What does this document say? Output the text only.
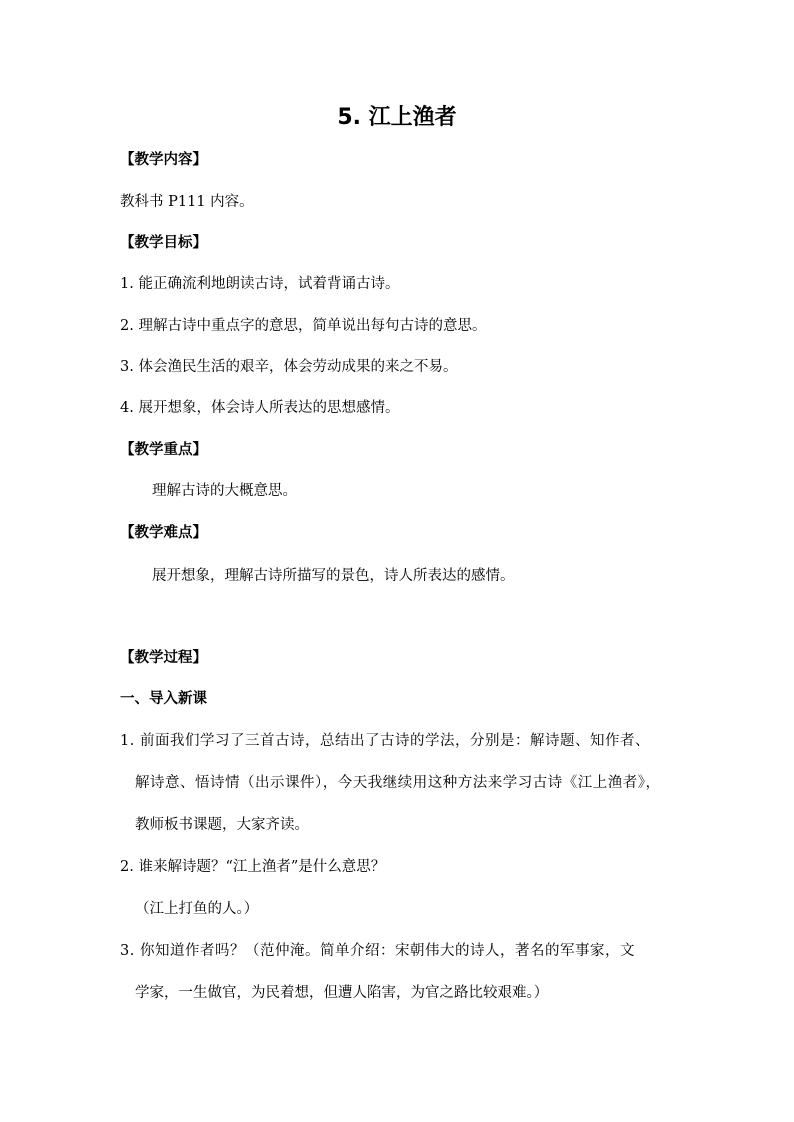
5. 江上渔者
【教学内容】
教科书 P111 内容。
【教学目标】
1. 能正确流利地朗读古诗，试着背诵古诗。
2. 理解古诗中重点字的意思，简单说出每句古诗的意思。
3. 体会渔民生活的艰辛，体会劳动成果的来之不易。
4. 展开想象，体会诗人所表达的思想感情。
【教学重点】
理解古诗的大概意思。
【教学难点】
展开想象，理解古诗所描写的景色，诗人所表达的感情。
【教学过程】
一、导入新课
1. 前面我们学习了三首古诗，总结出了古诗的学法，分别是：解诗题、知作者、
解诗意、悟诗情（出示课件），今天我继续用这种方法来学习古诗《江上渔者》，
教师板书课题，大家齐读。
2. 谁来解诗题？“江上渔者”是什么意思？
（江上打鱼的人。）
3. 你知道作者吗？（范仲淹。简单介绍：宋朝伟大的诗人，著名的军事家，文
学家，一生做官，为民着想，但遭人陷害，为官之路比较艰难。）
